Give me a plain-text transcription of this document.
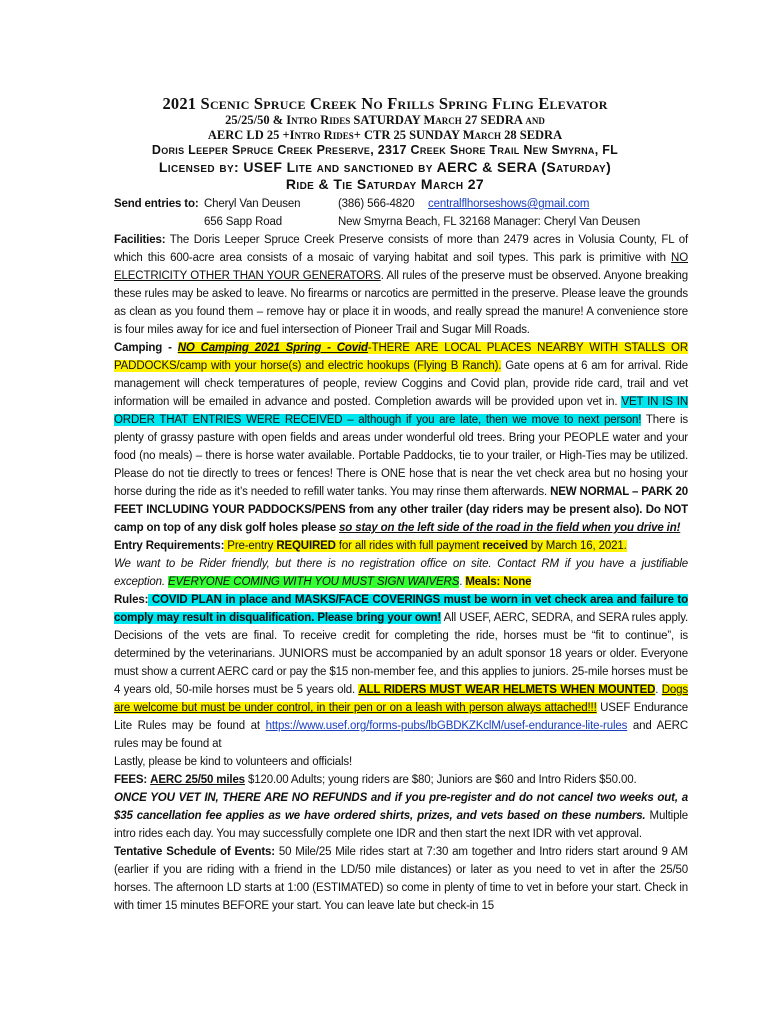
2021 Scenic Spruce Creek No Frills Spring Fling Elevator
25/25/50 & Intro Rides SATURDAY March 27 SEDRA and
AERC LD 25 +Intro Rides+ CTR 25 SUNDAY March 28 SEDRA
Doris Leeper Spruce Creek Preserve, 2317 Creek Shore Trail New Smyrna, FL
Licensed by: USEF Lite and sanctioned by AERC & SERA (Saturday)
Ride & Tie Saturday March 27
Send entries to: Cheryl Van Deusen	(386) 566-4820 centralflhorseshows@gmail.com
656 Sapp Road	New Smyrna Beach, FL 32168 Manager: Cheryl Van Deusen

Facilities: The Doris Leeper Spruce Creek Preserve consists of more than 2479 acres in Volusia County, FL of which this 600-acre area consists of a mosaic of varying habitat and soil types. This park is primitive with NO ELECTRICITY OTHER THAN YOUR GENERATORS. All rules of the preserve must be observed. Anyone breaking these rules may be asked to leave. No firearms or narcotics are permitted in the preserve. Please leave the grounds as clean as you found them – remove hay or place it in woods, and really spread the manure! A convenience store is four miles away for ice and fuel intersection of Pioneer Trail and Sugar Mill Roads.

Camping - NO Camping 2021 Spring - Covid-THERE ARE LOCAL PLACES NEARBY WITH STALLS OR PADDOCKS/camp with your horse(s) and electric hookups (Flying B Ranch). Gate opens at 6 am for arrival. Ride management will check temperatures of people, review Coggins and Covid plan, provide ride card, trail and vet information will be emailed in advance and posted. Completion awards will be provided upon vet in. VET IN IS IN ORDER THAT ENTRIES WERE RECEIVED – although if you are late, then we move to next person! There is plenty of grassy pasture with open fields and areas under wonderful old trees. Bring your PEOPLE water and your food (no meals) – there is horse water available. Portable Paddocks, tie to your trailer, or High-Ties may be utilized. Please do not tie directly to trees or fences! There is ONE hose that is near the vet check area but no hosing your horse during the ride as it’s needed to refill water tanks. You may rinse them afterwards. NEW NORMAL – PARK 20 FEET INCLUDING YOUR PADDOCKS/PENS from any other trailer (day riders may be present also). Do NOT camp on top of any disk golf holes please so stay on the left side of the road in the field when you drive in!

Entry Requirements: Pre-entry REQUIRED for all rides with full payment received by March 16, 2021.
We want to be Rider friendly, but there is no registration office on site. Contact RM if you have a justifiable exception. EVERYONE COMING WITH YOU MUST SIGN WAIVERS. Meals: None

Rules: COVID PLAN in place and MASKS/FACE COVERINGS must be worn in vet check area and failure to comply may result in disqualification. Please bring your own! All USEF, AERC, SEDRA, and SERA rules apply. Decisions of the vets are final. To receive credit for completing the ride, horses must be “fit to continue”, is determined by the veterinarians. JUNIORS must be accompanied by an adult sponsor 18 years or older. Everyone must show a current AERC card or pay the $15 non-member fee, and this applies to juniors. 25-mile horses must be 4 years old, 50-mile horses must be 5 years old. ALL RIDERS MUST WEAR HELMETS WHEN MOUNTED. Dogs are welcome but must be under control, in their pen or on a leash with person always attached!!! USEF Endurance Lite Rules may be found at https://www.usef.org/forms-pubs/lbGBDKZKclM/usef-endurance-lite-rules and AERC rules may be found at
Lastly, please be kind to volunteers and officials!

FEES: AERC 25/50 miles $120.00 Adults; young riders are $80; Juniors are $60 and Intro Riders $50.00.
ONCE YOU VET IN, THERE ARE NO REFUNDS and if you pre-register and do not cancel two weeks out, a $35 cancellation fee applies as we have ordered shirts, prizes, and vets based on these numbers. Multiple intro rides each day. You may successfully complete one IDR and then start the next IDR with vet approval.

Tentative Schedule of Events: 50 Mile/25 Mile rides start at 7:30 am together and Intro riders start around 9 AM (earlier if you are riding with a friend in the LD/50 mile distances) or later as you need to vet in after the 25/50 horses. The afternoon LD starts at 1:00 (ESTIMATED) so come in plenty of time to vet in before your start. Check in with timer 15 minutes BEFORE your start. You can leave late but check-in 15
